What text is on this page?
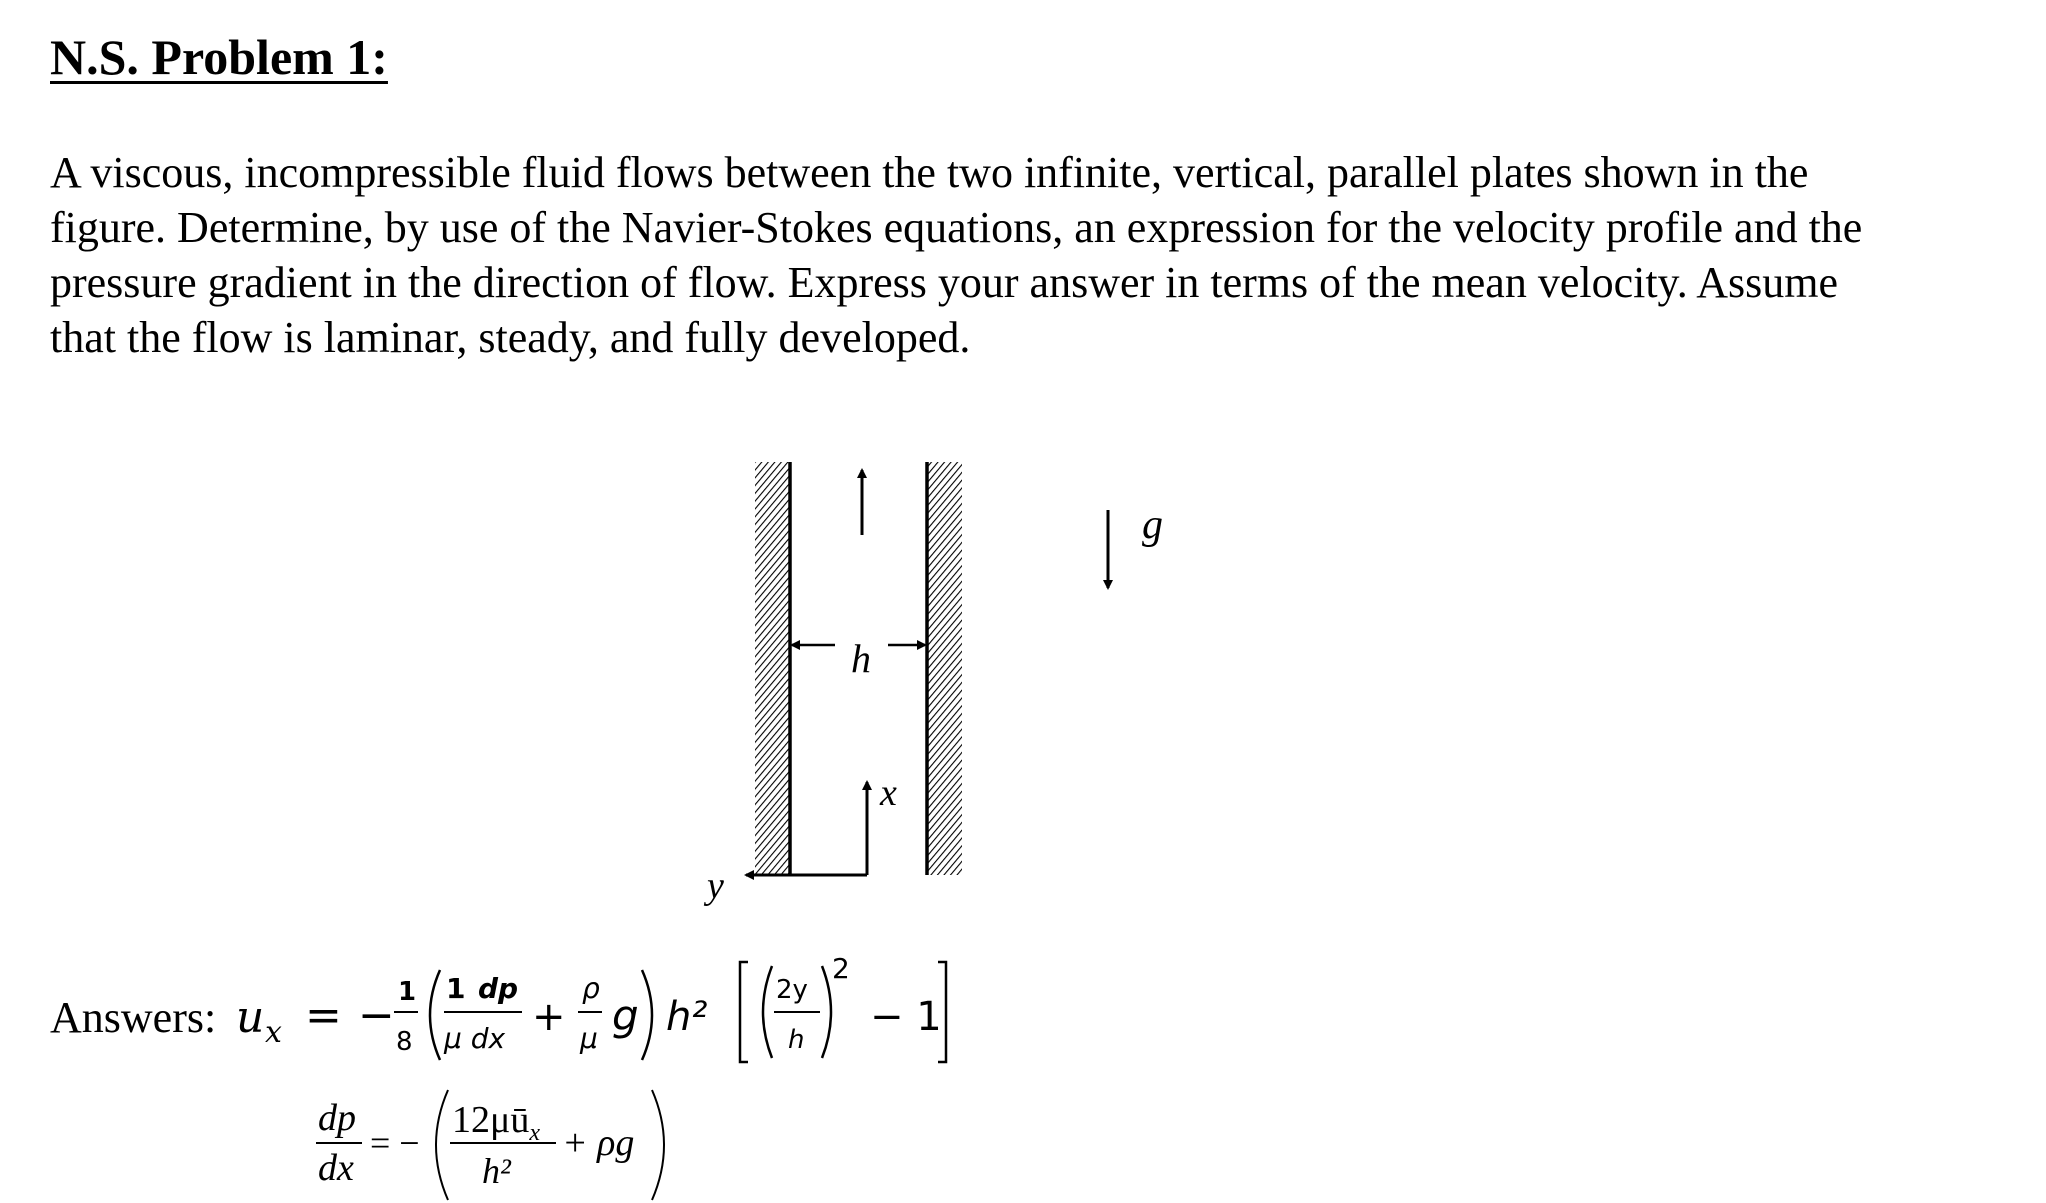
N.S. Problem 1:
A viscous, incompressible fluid flows between the two infinite, vertical, parallel plates shown in the
figure. Determine, by use of the Navier-Stokes equations, an expression for the velocity profile and the
pressure gradient in the direction of flow. Express your answer in terms of the mean velocity. Assume
that the flow is laminar, steady, and fully developed.
h
x
y
g
Answers: u x = − 1
8
1 dp
μ dx +
ρ
μ g h²
2y
h
2
− 1
dp
dx
= −
$12\mu ū_x$
h²
+ ρg
